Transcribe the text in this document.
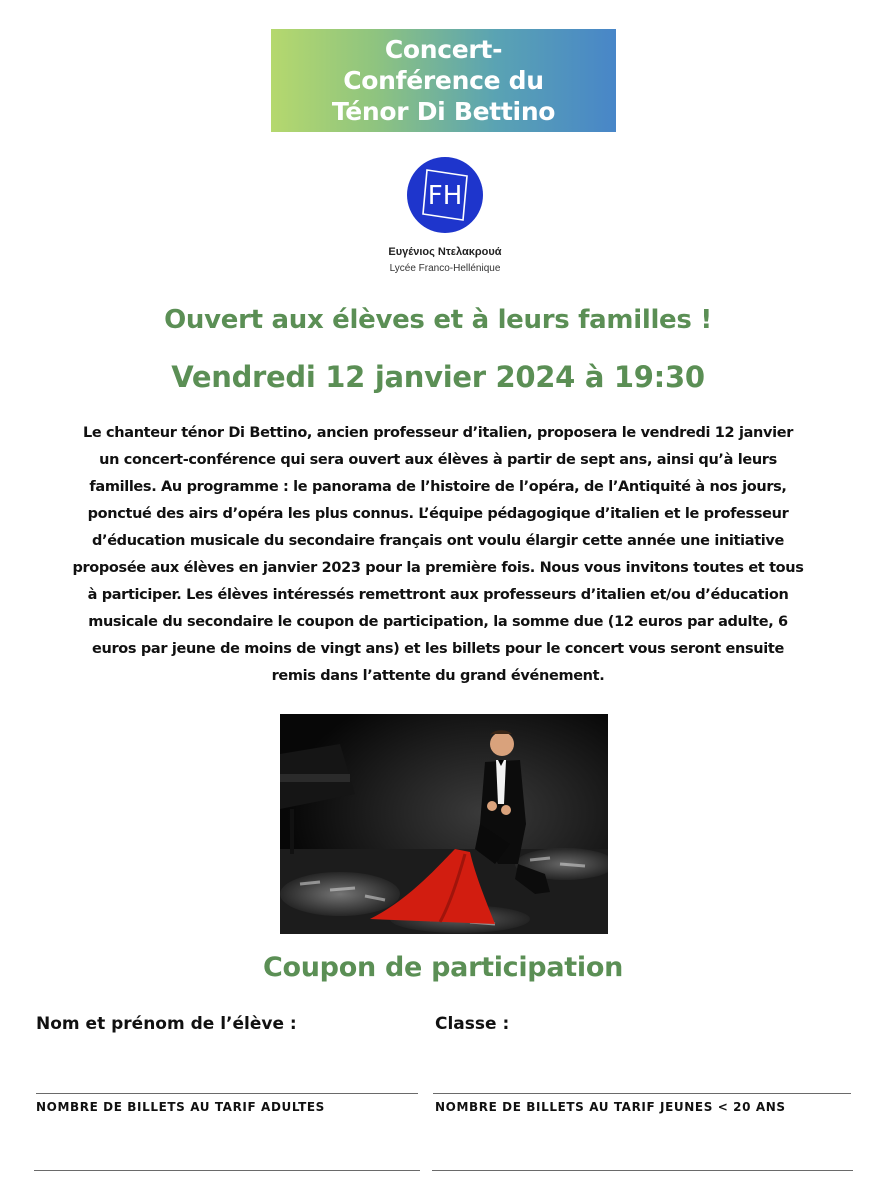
Concert-
Conférence du
Ténor Di Bettino
FH
Ευγένιος Ντελακρουά
Lycée Franco-Hellénique
Ouvert aux élèves et à leurs familles !
Vendredi 12 janvier 2024 à 19:30
Le chanteur ténor Di Bettino, ancien professeur d’italien, proposera le vendredi 12 janvier
un concert-conférence qui sera ouvert aux élèves à partir de sept ans, ainsi qu’à leurs
familles. Au programme : le panorama de l’histoire de l’opéra, de l’Antiquité à nos jours,
ponctué des airs d’opéra les plus connus. L’équipe pédagogique d’italien et le professeur
d’éducation musicale du secondaire français ont voulu élargir cette année une initiative
proposée aux élèves en janvier 2023 pour la première fois. Nous vous invitons toutes et tous
à participer. Les élèves intéressés remettront aux professeurs d’italien et/ou d’éducation
musicale du secondaire le coupon de participation, la somme due (12 euros par adulte, 6
euros par jeune de moins de vingt ans) et les billets pour le concert vous seront ensuite
remis dans l’attente du grand événement.
Coupon de participation
Nom et prénom de l’élève :	Classe :
NOMBRE DE BILLETS AU TARIF ADULTES	NOMBRE DE BILLETS AU TARIF JEUNES < 20 ANS
